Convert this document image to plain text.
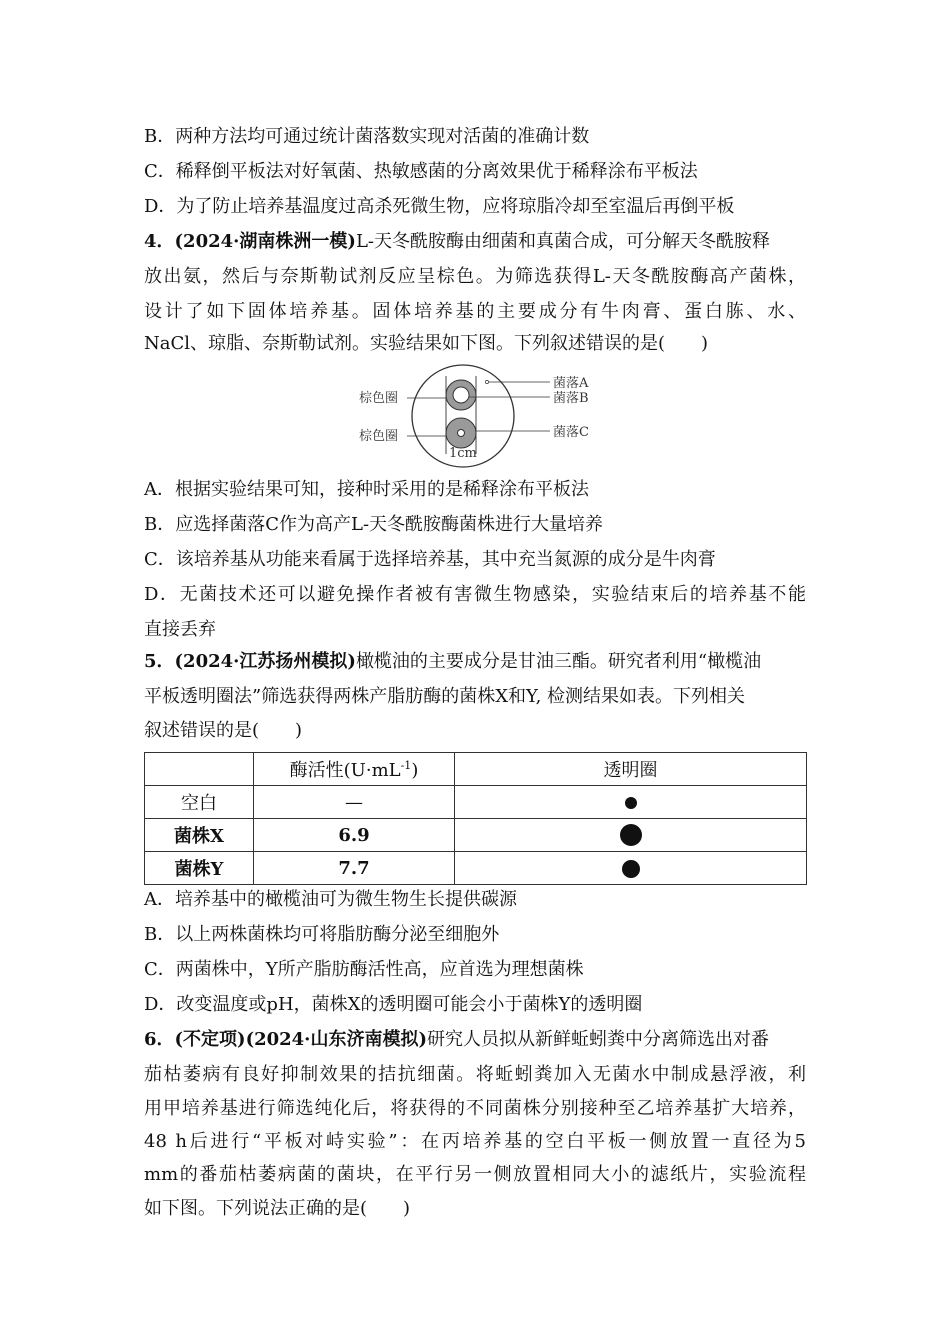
B．两种方法均可通过统计菌落数实现对活菌的准确计数
C．稀释倒平板法对好氧菌、热敏感菌的分离效果优于稀释涂布平板法
D．为了防止培养基温度过高杀死微生物，应将琼脂冷却至室温后再倒平板
4．(2024·湖南株洲一模)L-天冬酰胺酶由细菌和真菌合成，可分解天冬酰胺释
放出氨，然后与奈斯勒试剂反应呈棕色。为筛选获得L-天冬酰胺酶高产菌株，
设计了如下固体培养基。固体培养基的主要成分有牛肉膏、蛋白胨、水、
NaCl、琼脂、奈斯勒试剂。实验结果如下图。下列叙述错误的是(　　)
棕色圈
棕色圈
菌落A
菌落B
菌落C
1cm
A．根据实验结果可知，接种时采用的是稀释涂布平板法
B．应选择菌落C作为高产L-天冬酰胺酶菌株进行大量培养
C．该培养基从功能来看属于选择培养基，其中充当氮源的成分是牛肉膏
D．无菌技术还可以避免操作者被有害微生物感染，实验结束后的培养基不能
直接丢弃
5．(2024·江苏扬州模拟)橄榄油的主要成分是甘油三酯。研究者利用“橄榄油
平板透明圈法”筛选获得两株产脂肪酶的菌株X和Y, 检测结果如表。下列相关
叙述错误的是(　　)
	酶活性$(U\cdot mL^{-1})$	透明圈
空白	—	
菌株X	6.9	
菌株Y	7.7	
A．培养基中的橄榄油可为微生物生长提供碳源
B．以上两株菌株均可将脂肪酶分泌至细胞外
C．两菌株中，Y所产脂肪酶活性高，应首选为理想菌株
D．改变温度或pH，菌株X的透明圈可能会小于菌株Y的透明圈
6．(不定项)(2024·山东济南模拟)研究人员拟从新鲜蚯蚓粪中分离筛选出对番
茄枯萎病有良好抑制效果的拮抗细菌。将蚯蚓粪加入无菌水中制成悬浮液，利
用甲培养基进行筛选纯化后，将获得的不同菌株分别接种至乙培养基扩大培养，
48 h后进行“平板对峙实验”：在丙培养基的空白平板一侧放置一直径为5
mm的番茄枯萎病菌的菌块，在平行另一侧放置相同大小的滤纸片，实验流程
如下图。下列说法正确的是(　　)
